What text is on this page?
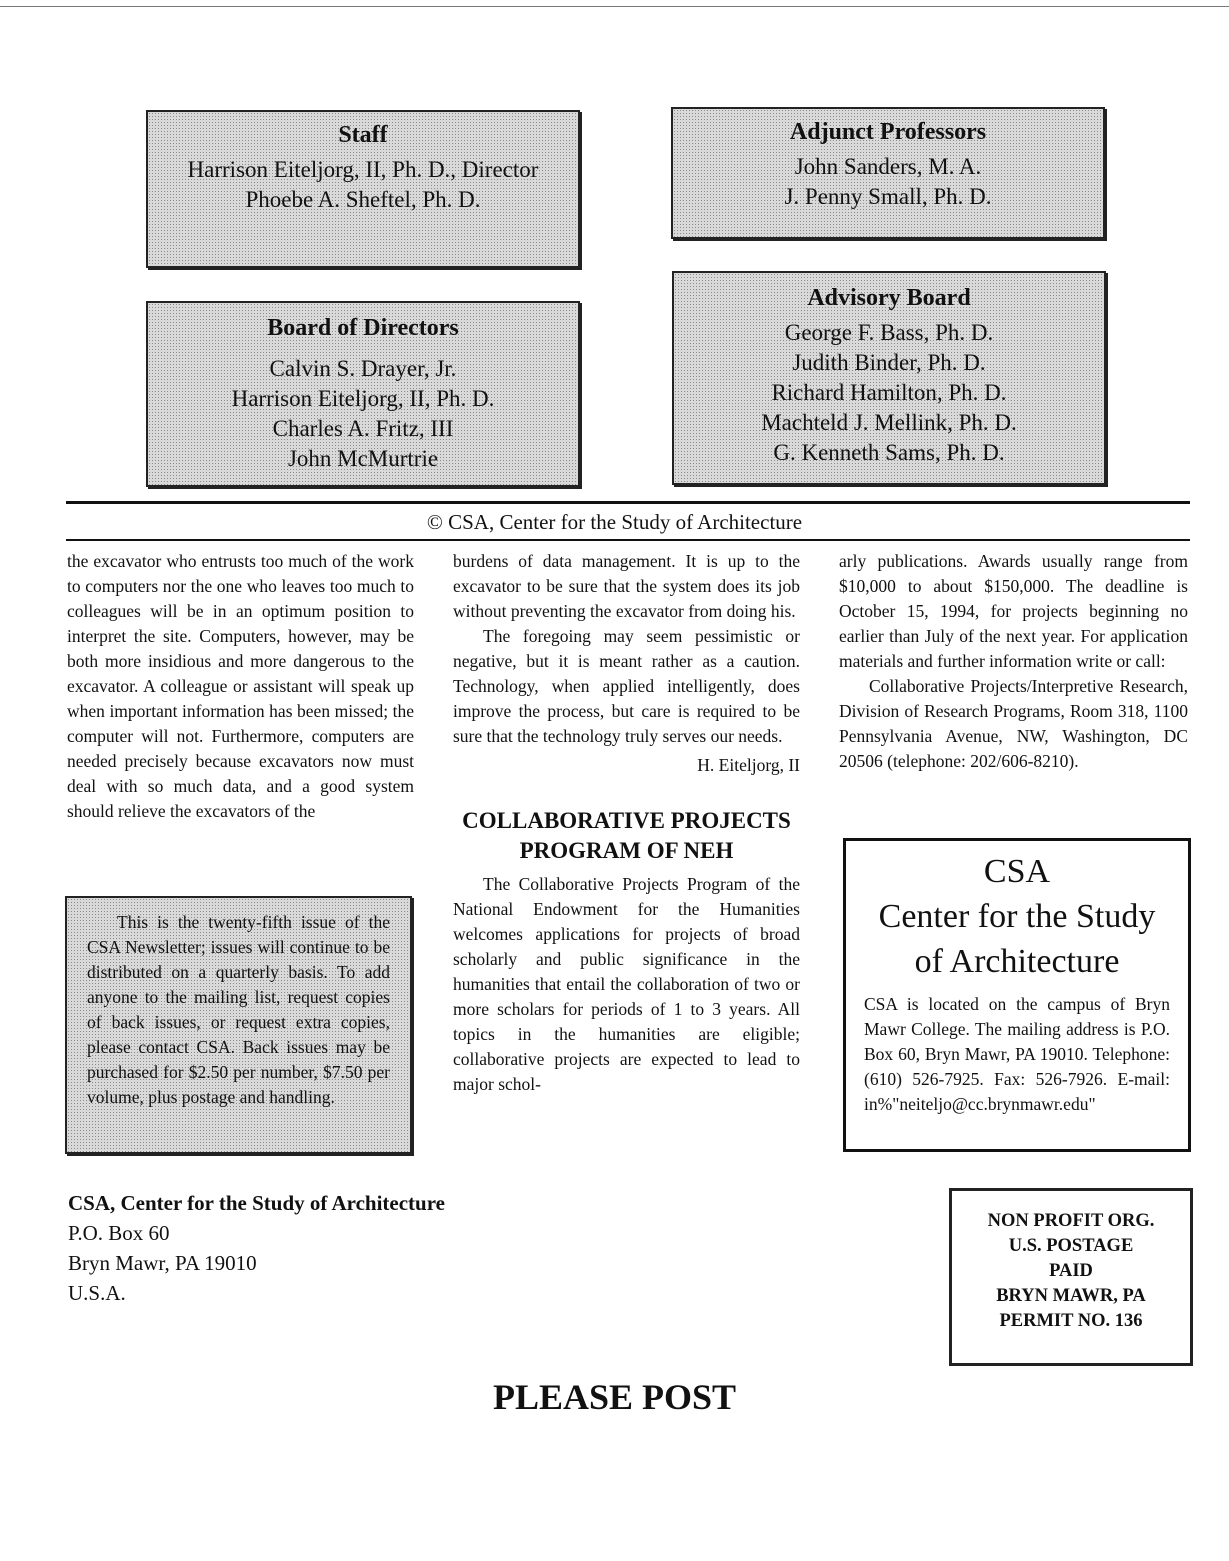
Staff
Harrison Eiteljorg, II, Ph. D., Director
Phoebe A. Sheftel, Ph. D.
Adjunct Professors
John Sanders, M. A.
J. Penny Small, Ph. D.
Board of Directors
Calvin S. Drayer, Jr.
Harrison Eiteljorg, II, Ph. D.
Charles A. Fritz, III
John McMurtrie
Advisory Board
George F. Bass, Ph. D.
Judith Binder, Ph. D.
Richard Hamilton, Ph. D.
Machteld J. Mellink, Ph. D.
G. Kenneth Sams, Ph. D.
© CSA, Center for the Study of Architecture

the excavator who entrusts too much of the work to computers nor the one who leaves too much to colleagues will be in an optimum position to interpret the site. Computers, however, may be both more insidious and more dangerous to the excavator. A colleague or assistant will speak up when important information has been missed; the computer will not. Furthermore, computers are needed precisely because excavators now must deal with so much data, and a good system should relieve the excavators of the

This is the twenty-fifth issue of the CSA Newsletter; issues will continue to be distributed on a quarterly basis. To add anyone to the mailing list, request copies of back issues, or request extra copies, please contact CSA. Back issues may be purchased for $2.50 per number, $7.50 per volume, plus postage and handling.

burdens of data management. It is up to the excavator to be sure that the system does its job without preventing the excavator from doing his.

The foregoing may seem pessimistic or negative, but it is meant rather as a caution. Technology, when applied intelligently, does improve the process, but care is required to be sure that the technology truly serves our needs.

H. Eiteljorg, II

COLLABORATIVE PROJECTS
PROGRAM OF NEH

The Collaborative Projects Program of the National Endowment for the Humanities welcomes applications for projects of broad scholarly and public significance in the humanities that entail the collaboration of two or more scholars for periods of 1 to 3 years. All topics in the humanities are eligible; collaborative projects are expected to lead to major schol-

arly publications. Awards usually range from $10,000 to about $150,000. The deadline is October 15, 1994, for projects beginning no earlier than July of the next year. For application materials and further information write or call:

Collaborative Projects/Interpretive Research, Division of Research Programs, Room 318, 1100 Pennsylvania Avenue, NW, Washington, DC 20506 (telephone: 202/606-8210).

CSA
Center for the Study
of Architecture
CSA is located on the campus of Bryn Mawr College. The mailing address is P.O. Box 60, Bryn Mawr, PA 19010. Telephone: (610) 526-7925. Fax: 526-7926. E-mail: in%"neiteljo@cc.brynmawr.edu"
CSA, Center for the Study of Architecture
P.O. Box 60
Bryn Mawr, PA 19010
U.S.A.
NON PROFIT ORG.
U.S. POSTAGE
PAID
BRYN MAWR, PA
PERMIT NO. 136
PLEASE POST
